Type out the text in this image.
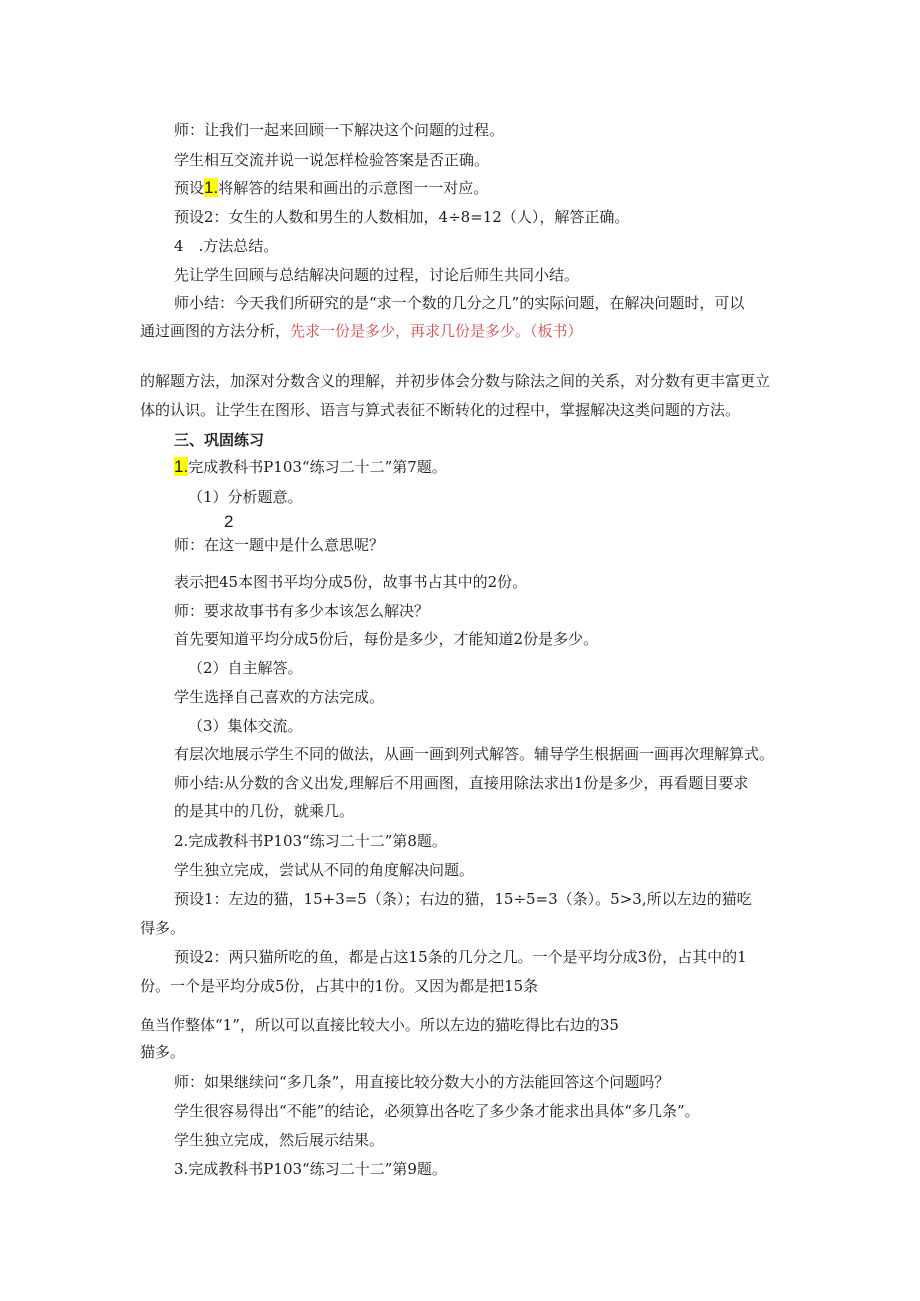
师：让我们一起来回顾一下解决这个问题的过程。
学生相互交流并说一说怎样检验答案是否正确。
预设1.将解答的结果和画出的示意图一一对应。
预设2：女生的人数和男生的人数相加，4÷8=12（人），解答正确。
4　.方法总结。
先让学生回顾与总结解决问题的过程，讨论后师生共同小结。
师小结：今天我们所研究的是“求一个数的几分之几”的实际问题，在解决问题时，可以
通过画图的方法分析，先求一份是多少，再求几份是多少。（板书）
的解题方法，加深对分数含义的理解，并初步体会分数与除法之间的关系，对分数有更丰富更立
体的认识。让学生在图形、语言与算式表征不断转化的过程中，掌握解决这类问题的方法。
三、巩固练习
1.完成教科书P103“练习二十二”第7题。
（1）分析题意。
2
师：在这一题中是什么意思呢？
表示把45本图书平均分成5份，故事书占其中的2份。
师：要求故事书有多少本该怎么解决？
首先要知道平均分成5份后，每份是多少，才能知道2份是多少。
（2）自主解答。
学生选择自己喜欢的方法完成。
（3）集体交流。
有层次地展示学生不同的做法，从画一画到列式解答。辅导学生根据画一画再次理解算式。
师小结:从分数的含义出发,理解后不用画图，直接用除法求出1份是多少，再看题目要求
的是其中的几份，就乘几。
2.完成教科书P103“练习二十二”第8题。
学生独立完成，尝试从不同的角度解决问题。
预设1：左边的猫，15+3=5（条）；右边的猫，15÷5=3（条）。5>3,所以左边的猫吃
得多。
预设2：两只猫所吃的鱼，都是占这15条的几分之几。一个是平均分成3份，占其中的1
份。一个是平均分成5份，占其中的1份。又因为都是把15条
鱼当作整体“1”，所以可以直接比较大小。所以左边的猫吃得比右边的35
猫多。
师：如果继续问“多几条”，用直接比较分数大小的方法能回答这个问题吗？
学生很容易得出“不能”的结论，必须算出各吃了多少条才能求出具体“多几条”。
学生独立完成，然后展示结果。
3.完成教科书P103“练习二十二”第9题。
